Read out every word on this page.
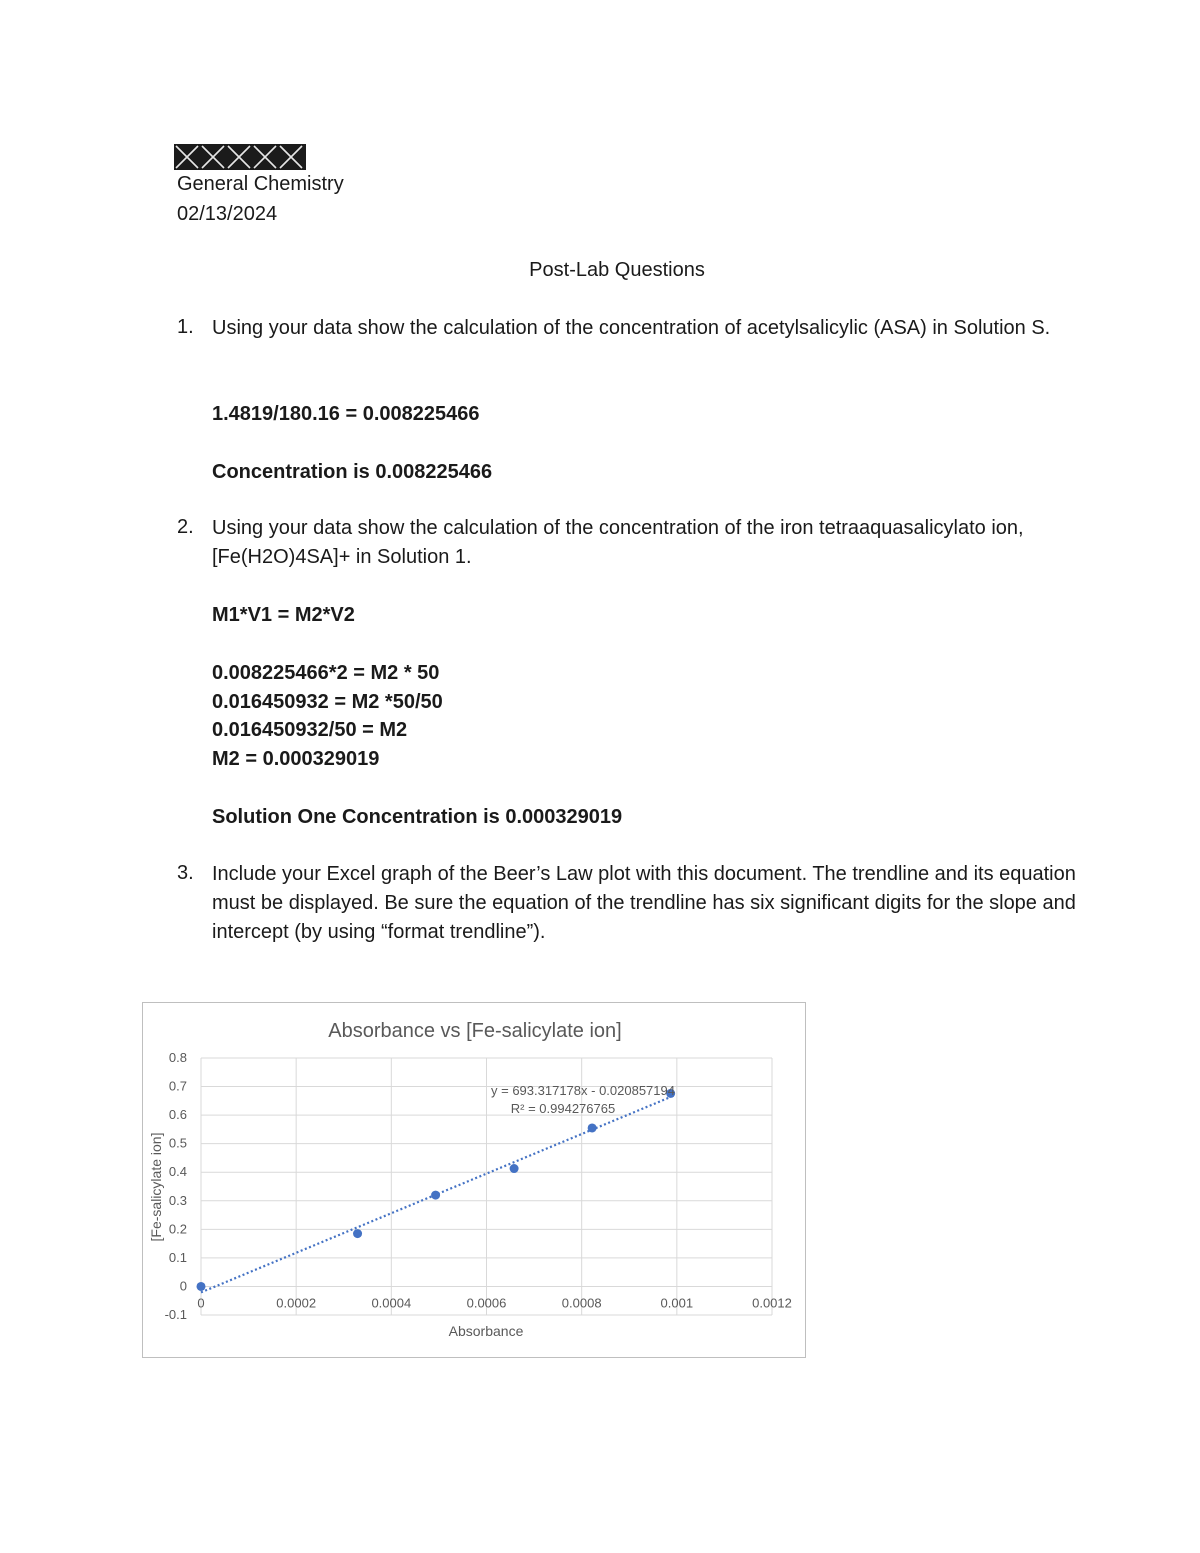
General Chemistry
02/13/2024
Post-Lab Questions
1. Using your data show the calculation of the concentration of acetylsalicylic (ASA) in Solution S.
1.4819/180.16 = 0.008225466
Concentration is 0.008225466
2. Using your data show the calculation of the concentration of the iron tetraaquasalicylato ion, [Fe(H2O)4SA]+ in Solution 1.
M1*V1 = M2*V2
0.008225466*2 = M2 * 50
0.016450932 = M2 *50/50
0.016450932/50 = M2
M2 = 0.000329019
Solution One Concentration is 0.000329019
3. Include your Excel graph of the Beer’s Law plot with this document. The trendline and its equation must be displayed. Be sure the equation of the trendline has six significant digits for the slope and intercept (by using “format trendline”).
Absorbance vs [Fe-salicylate ion]
-0.1
0
0.1
0.2
0.3
0.4
0.5
0.6
0.7
0.8
0	0.0002	0.0004	0.0006	0.0008	0.001	0.0012
Absorbance
[Fe-salicylate ion]
y = 693.317178x - 0.020857194
R² = 0.994276765
